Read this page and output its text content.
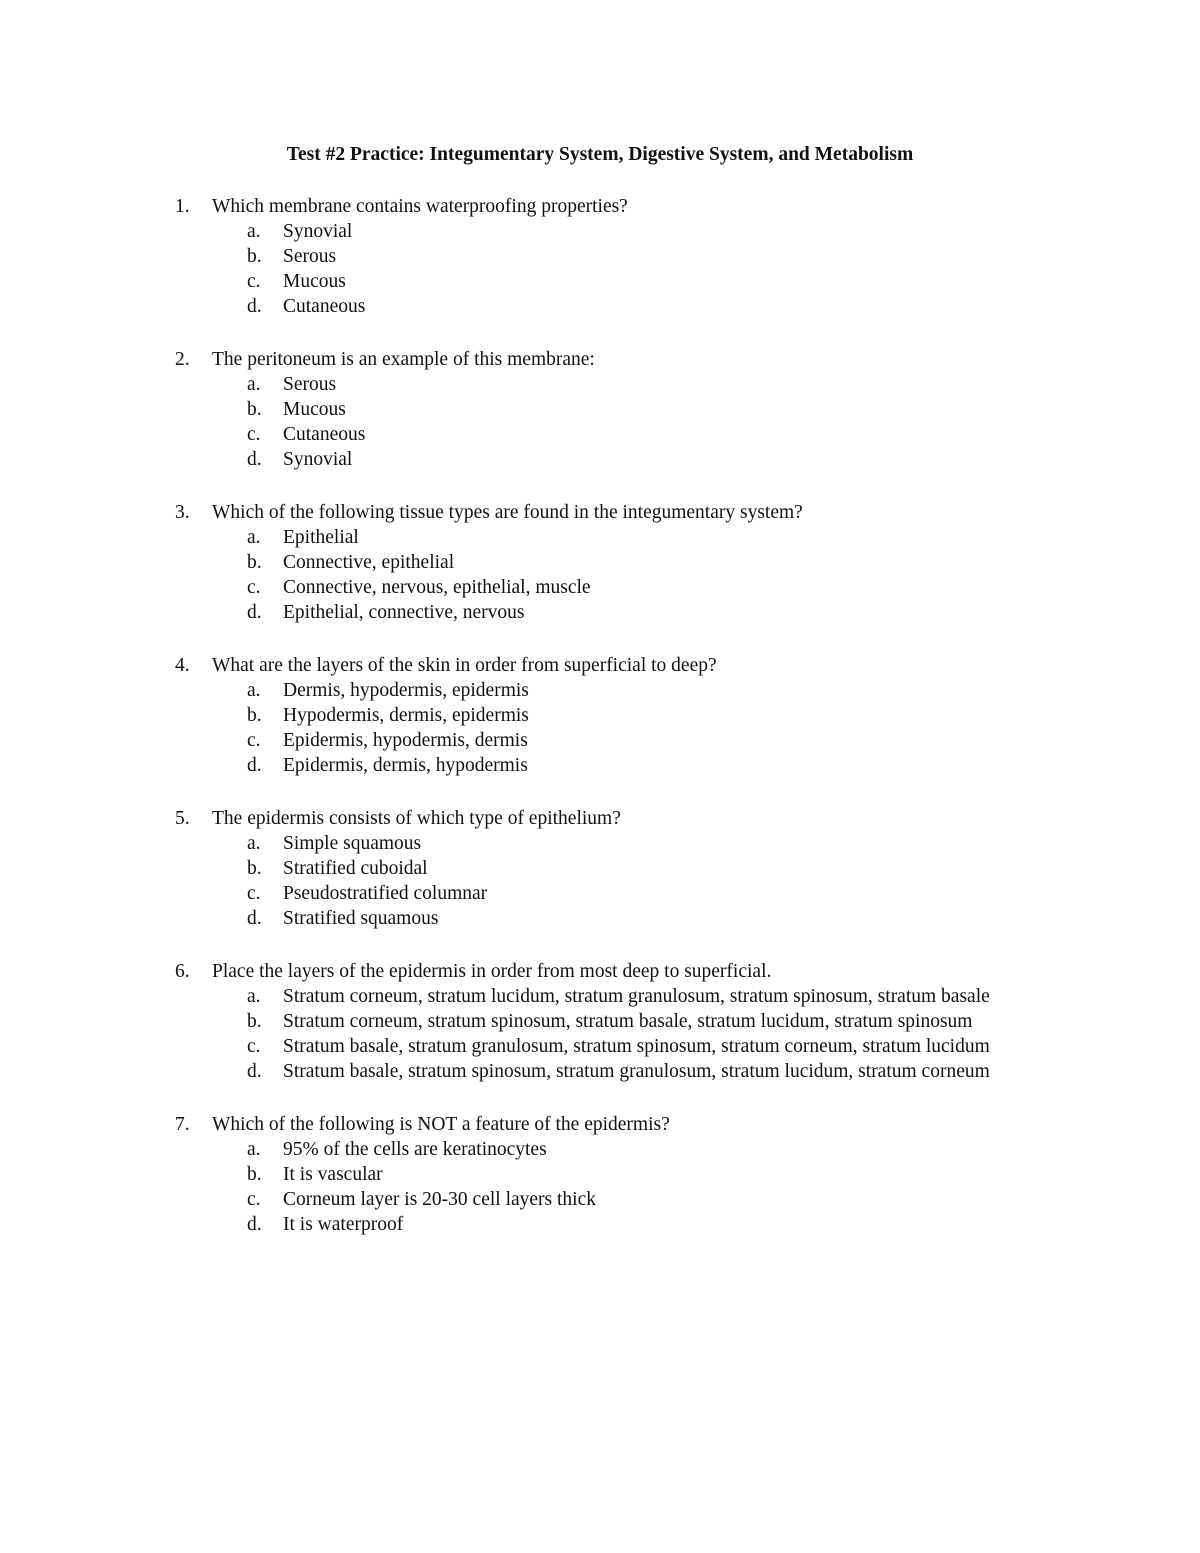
Test #2 Practice: Integumentary System, Digestive System, and Metabolism
1. Which membrane contains waterproofing properties?
a. Synovial
b. Serous
c. Mucous
d. Cutaneous
2. The peritoneum is an example of this membrane:
a. Serous
b. Mucous
c. Cutaneous
d. Synovial
3. Which of the following tissue types are found in the integumentary system?
a. Epithelial
b. Connective, epithelial
c. Connective, nervous, epithelial, muscle
d. Epithelial, connective, nervous
4. What are the layers of the skin in order from superficial to deep?
a. Dermis, hypodermis, epidermis
b. Hypodermis, dermis, epidermis
c. Epidermis, hypodermis, dermis
d. Epidermis, dermis, hypodermis
5. The epidermis consists of which type of epithelium?
a. Simple squamous
b. Stratified cuboidal
c. Pseudostratified columnar
d. Stratified squamous
6. Place the layers of the epidermis in order from most deep to superficial.
a. Stratum corneum, stratum lucidum, stratum granulosum, stratum spinosum, stratum basale
b. Stratum corneum, stratum spinosum, stratum basale, stratum lucidum, stratum spinosum
c. Stratum basale, stratum granulosum, stratum spinosum, stratum corneum, stratum lucidum
d. Stratum basale, stratum spinosum, stratum granulosum, stratum lucidum, stratum corneum
7. Which of the following is NOT a feature of the epidermis?
a. 95% of the cells are keratinocytes
b. It is vascular
c. Corneum layer is 20-30 cell layers thick
d. It is waterproof
